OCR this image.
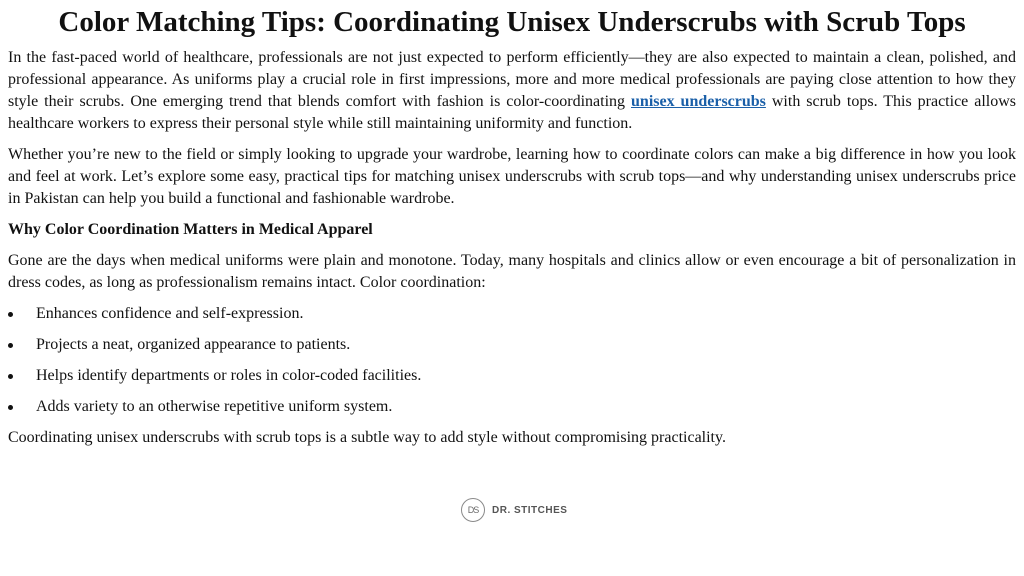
Color Matching Tips: Coordinating Unisex Underscrubs with Scrub Tops

In the fast-paced world of healthcare, professionals are not just expected to perform efficiently—they are also expected to maintain a clean, polished, and professional appearance. As uniforms play a crucial role in first impressions, more and more medical professionals are paying close attention to how they style their scrubs. One emerging trend that blends comfort with fashion is color-coordinating unisex underscrubs with scrub tops. This practice allows healthcare workers to express their personal style while still maintaining uniformity and function.

Whether you’re new to the field or simply looking to upgrade your wardrobe, learning how to coordinate colors can make a big difference in how you look and feel at work. Let’s explore some easy, practical tips for matching unisex underscrubs with scrub tops—and why understanding unisex underscrubs price in Pakistan can help you build a functional and fashionable wardrobe.

Why Color Coordination Matters in Medical Apparel

Gone are the days when medical uniforms were plain and monotone. Today, many hospitals and clinics allow or even encourage a bit of personalization in dress codes, as long as professionalism remains intact. Color coordination:

Enhances confidence and self-expression.
Projects a neat, organized appearance to patients.
Helps identify departments or roles in color-coded facilities.
Adds variety to an otherwise repetitive uniform system.

Coordinating unisex underscrubs with scrub tops is a subtle way to add style without compromising practicality.

DS	DR. STITCHES
